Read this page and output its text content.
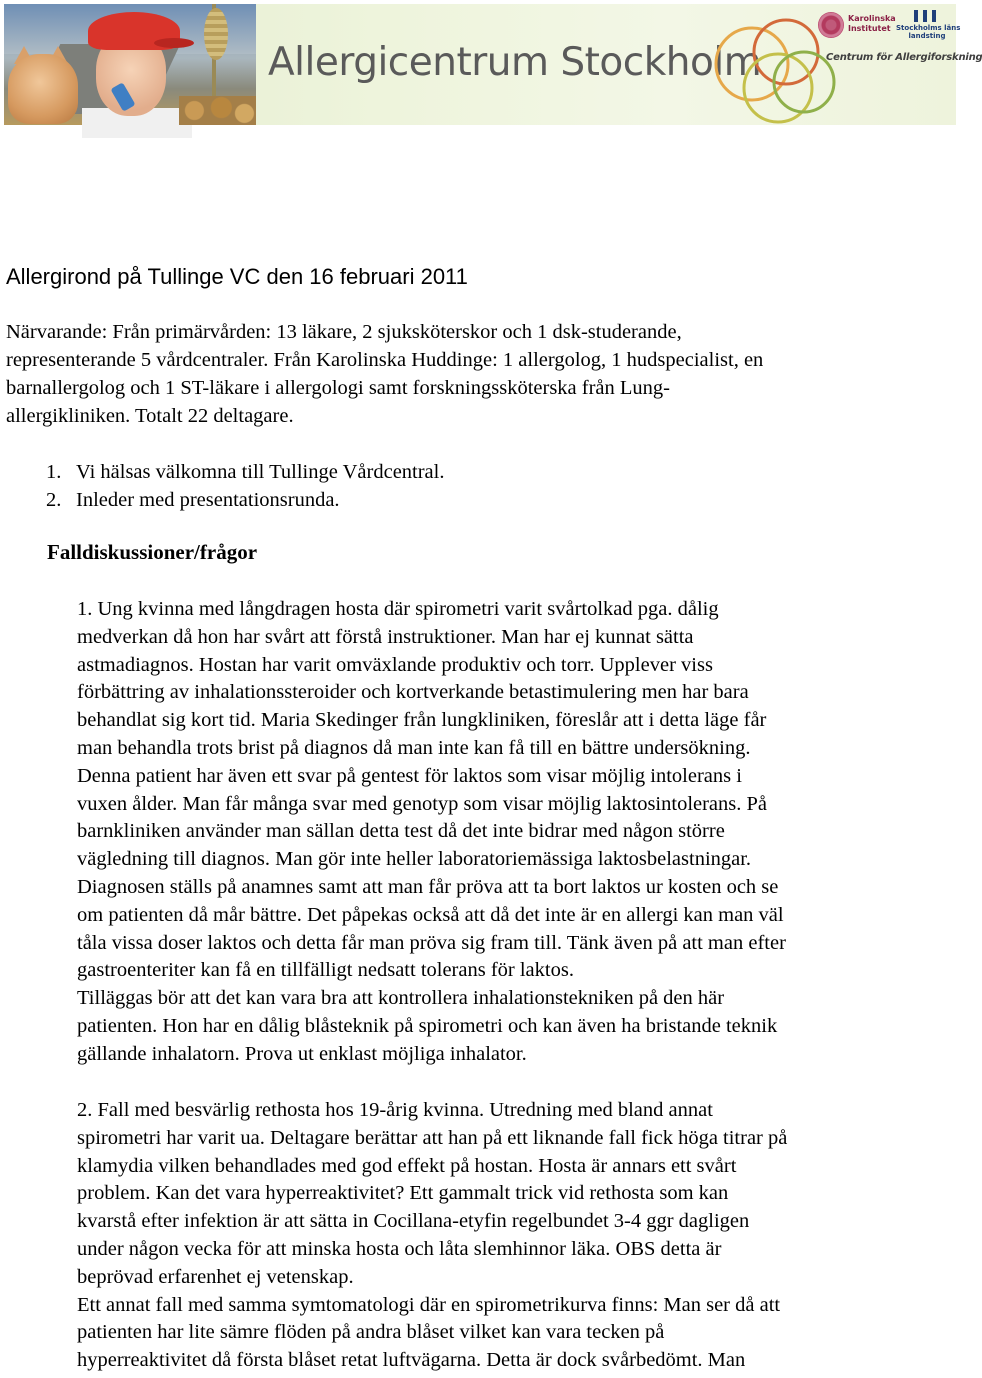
Allergicentrum Stockholm
Karolinska
Institutet Stockholms läns
landsting
Centrum för Allergiforskning
Allergirond på Tullinge VC den 16 februari 2011
Närvarande: Från primärvården: 13 läkare, 2 sjuksköterskor och 1 dsk-studerande,
representerande 5 vårdcentraler. Från Karolinska Huddinge: 1 allergolog, 1 hudspecialist, en
barnallergolog och 1 ST-läkare i allergologi samt forskningssköterska från Lung-
allergikliniken. Totalt 22 deltagare.
1. Vi hälsas välkomna till Tullinge Vårdcentral.
2. Inleder med presentationsrunda.
Falldiskussioner/frågor
1. Ung kvinna med långdragen hosta där spirometri varit svårtolkad pga. dålig
medverkan då hon har svårt att förstå instruktioner. Man har ej kunnat sätta
astmadiagnos. Hostan har varit omväxlande produktiv och torr. Upplever viss
förbättring av inhalationssteroider och kortverkande betastimulering men har bara
behandlat sig kort tid. Maria Skedinger från lungkliniken, föreslår att i detta läge får
man behandla trots brist på diagnos då man inte kan få till en bättre undersökning.
Denna patient har även ett svar på gentest för laktos som visar möjlig intolerans i
vuxen ålder. Man får många svar med genotyp som visar möjlig laktosintolerans. På
barnkliniken använder man sällan detta test då det inte bidrar med någon större
vägledning till diagnos. Man gör inte heller laboratoriemässiga laktosbelastningar.
Diagnosen ställs på anamnes samt att man får pröva att ta bort laktos ur kosten och se
om patienten då mår bättre. Det påpekas också att då det inte är en allergi kan man väl
tåla vissa doser laktos och detta får man pröva sig fram till. Tänk även på att man efter
gastroenteriter kan få en tillfälligt nedsatt tolerans för laktos.
Tilläggas bör att det kan vara bra att kontrollera inhalationstekniken på den här
patienten. Hon har en dålig blåsteknik på spirometri och kan även ha bristande teknik
gällande inhalatorn. Prova ut enklast möjliga inhalator.
2. Fall med besvärlig rethosta hos 19-årig kvinna. Utredning med bland annat
spirometri har varit ua. Deltagare berättar att han på ett liknande fall fick höga titrar på
klamydia vilken behandlades med god effekt på hostan. Hosta är annars ett svårt
problem. Kan det vara hyperreaktivitet? Ett gammalt trick vid rethosta som kan
kvarstå efter infektion är att sätta in Cocillana-etyfin regelbundet 3-4 ggr dagligen
under någon vecka för att minska hosta och låta slemhinnor läka. OBS detta är
beprövad erfarenhet ej vetenskap.
Ett annat fall med samma symtomatologi där en spirometrikurva finns: Man ser då att
patienten har lite sämre flöden på andra blåset vilket kan vara tecken på
hyperreaktivitet då första blåset retat luftvägarna. Detta är dock svårbedömt. Man
